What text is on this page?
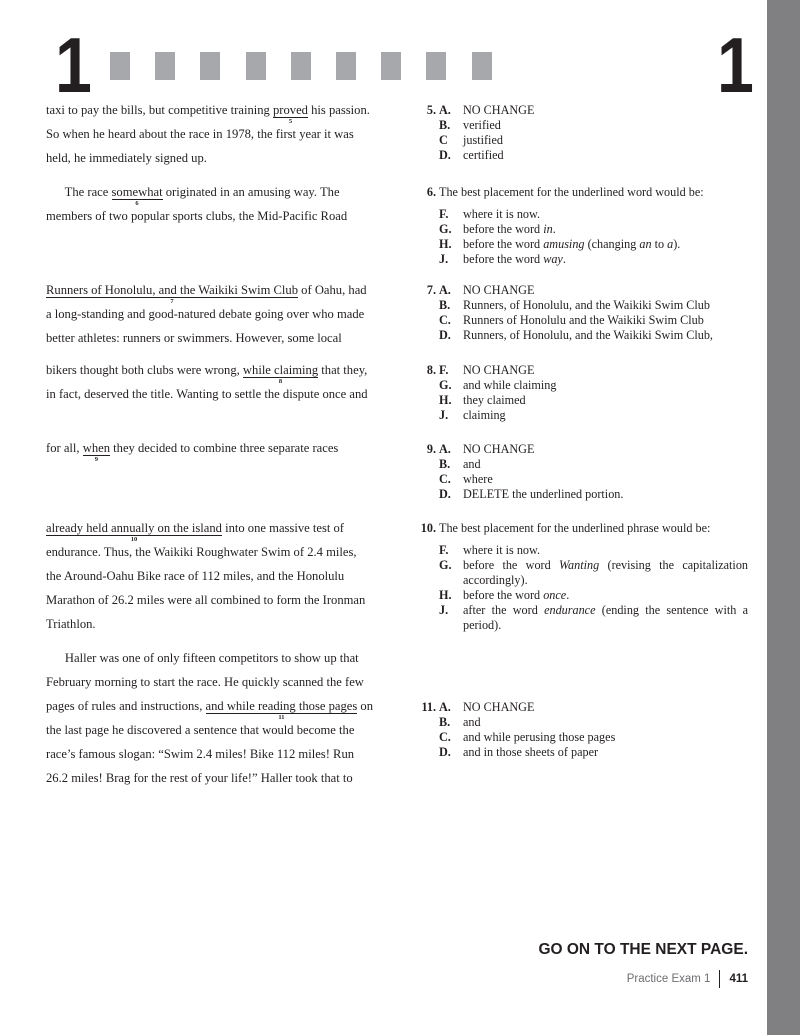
1	1
taxi to pay the bills, but competitive training proved
5
his passion.
So when he heard about the race in 1978, the first year it was
held, he immediately signed up.
The race somewhat
6
originated in an amusing way. The
members of two popular sports clubs, the Mid-Pacific Road
Runners of Honolulu, and the Waikiki Swim Club
7
of Oahu, had
a long-standing and good-natured debate going over who made
better athletes: runners or swimmers. However, some local
bikers thought both clubs were wrong, while claiming
8
that they,
in fact, deserved the title. Wanting to settle the dispute once and
for all, when
9
they decided to combine three separate races
already held annually on the island
10
into one massive test of
endurance. Thus, the Waikiki Roughwater Swim of 2.4 miles,
the Around-Oahu Bike race of 112 miles, and the Honolulu
Marathon of 26.2 miles were all combined to form the Ironman
Triathlon.
Haller was one of only fifteen competitors to show up that
February morning to start the race. He quickly scanned the few
pages of rules and instructions, and while reading those pages
11
on
the last page he discovered a sentence that would become the
race’s famous slogan: “Swim 2.4 miles! Bike 112 miles! Run
26.2 miles! Brag for the rest of your life!” Haller took that to
5. A. NO CHANGE
B.	verified
C	justified
D. certified
6. The best placement for the underlined word would be:
F.	where it is now.
G. before the word in.
H. before the word amusing (changing an to a).
J.	before the word way.
7. A. NO CHANGE
B.	Runners, of Honolulu, and the Waikiki Swim Club
C. Runners of Honolulu and the Waikiki Swim Club
D. Runners, of Honolulu, and the Waikiki Swim Club,
8. F.	NO CHANGE
G. and while claiming
H. they claimed
J.	claiming
9. A. NO CHANGE
B.	and
C. where
D. DELETE the underlined portion.
10. The best placement for the underlined phrase would be:
F.	where it is now.
G. before the word Wanting (revising the capitalization accordingly).
H. before the word once.
J.	after the word endurance (ending the sentence with a period).
11. A. NO CHANGE
B.	and
C. and while perusing those pages
D. and in those sheets of paper
GO ON TO THE NEXT PAGE.
Practice Exam 1 411
